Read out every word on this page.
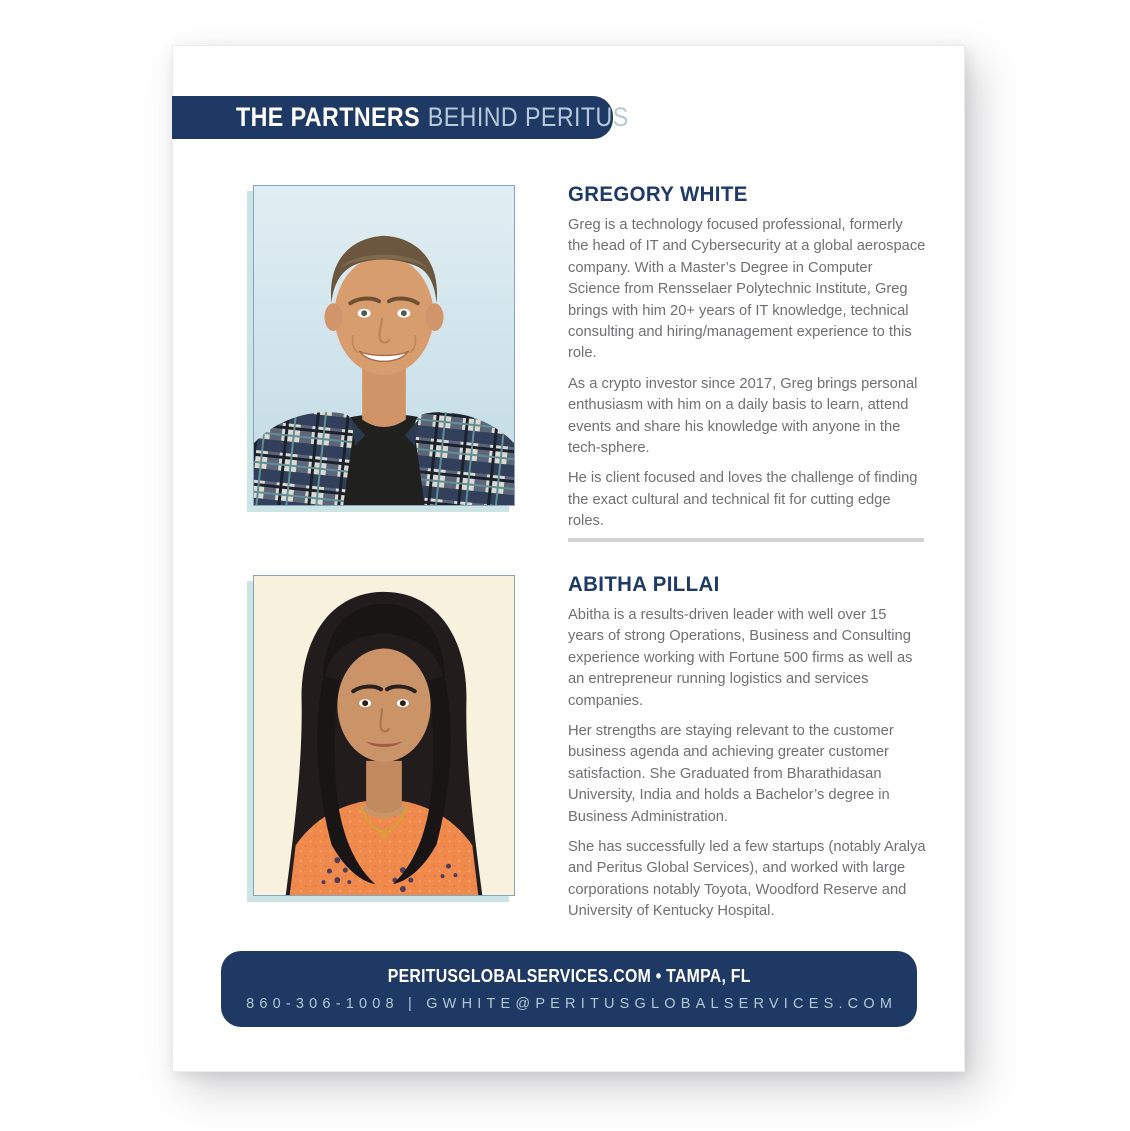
THE PARTNERS BEHIND PERITUS
GREGORY WHITE

Greg is a technology focused professional, formerly the head of IT and Cybersecurity at a global aerospace company. With a Master’s Degree in Computer Science from Rensselaer Polytechnic Institute, Greg brings with him 20+ years of IT knowledge, technical consulting and hiring/management experience to this role.

As a crypto investor since 2017, Greg brings personal enthusiasm with him on a daily basis to learn, attend events and share his knowledge with anyone in the tech-sphere.

He is client focused and loves the challenge of finding the exact cultural and technical fit for cutting edge roles.

ABITHA PILLAI

Abitha is a results-driven leader with well over 15 years of strong Operations, Business and Consulting experience working with Fortune 500 firms as well as an entrepreneur running logistics and services companies.

Her strengths are staying relevant to the customer business agenda and achieving greater customer satisfaction. She Graduated from Bharathidasan University, India and holds a Bachelor’s degree in Business Administration.

She has successfully led a few startups (notably Aralya and Peritus Global Services), and worked with large corporations notably Toyota, Woodford Reserve and University of Kentucky Hospital.

PERITUSGLOBALSERVICES.COM • TAMPA, FL
860-306-1008 | GWHITE@PERITUSGLOBALSERVICES.COM
